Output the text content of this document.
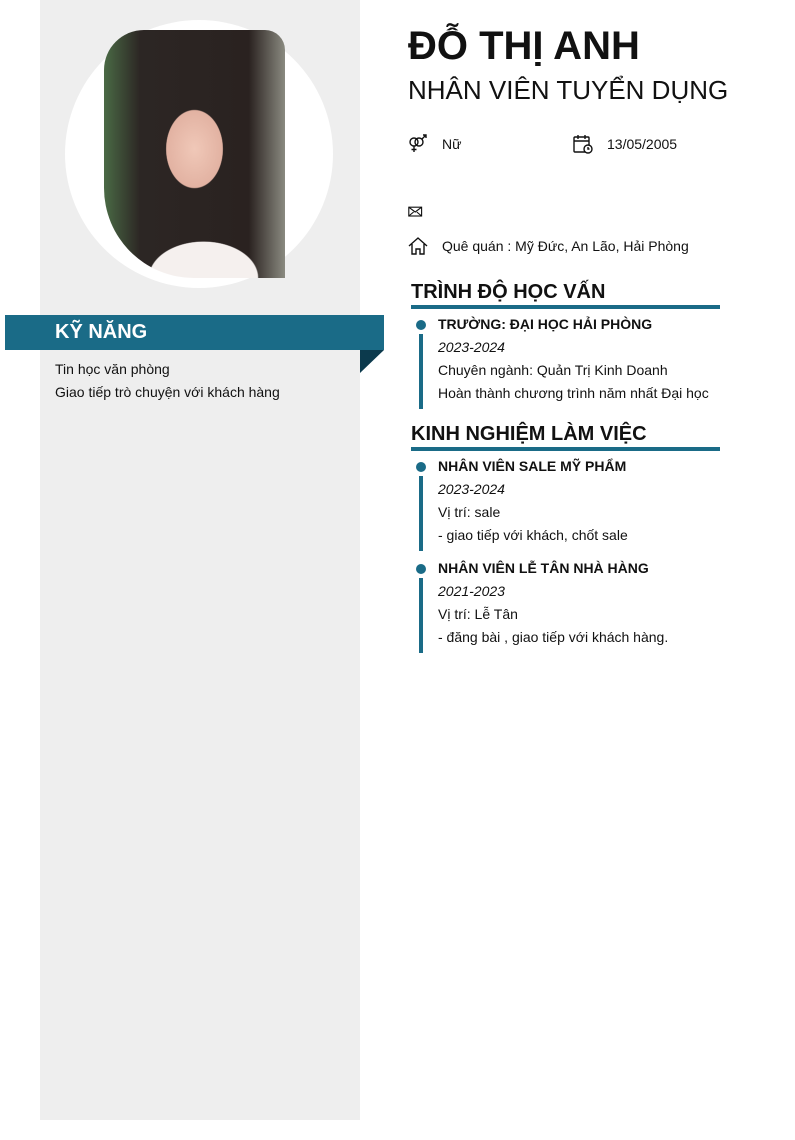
KỸ NĂNG
Tin học văn phòng
Giao tiếp trò chuyện với khách hàng
ĐỖ THỊ ANH
NHÂN VIÊN TUYỂN DỤNG
Nữ	13/05/2005
Quê quán : Mỹ Đức, An Lão, Hải Phòng
TRÌNH ĐỘ HỌC VẤN
TRƯỜNG: ĐẠI HỌC HẢI PHÒNG
2023-2024
Chuyên ngành: Quản Trị Kinh Doanh
Hoàn thành chương trình năm nhất Đại học
KINH NGHIỆM LÀM VIỆC
NHÂN VIÊN SALE MỸ PHẨM
2023-2024
Vị trí: sale
- giao tiếp với khách, chốt sale
NHÂN VIÊN LỄ TÂN NHÀ HÀNG
2021-2023
Vị trí: Lễ Tân
- đăng bài , giao tiếp với khách hàng.
